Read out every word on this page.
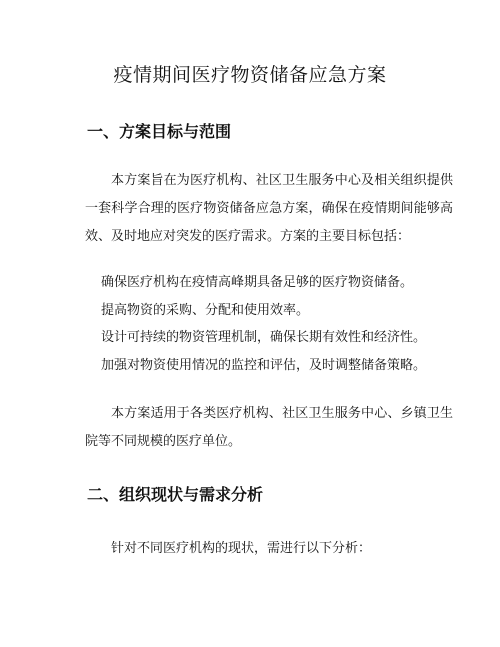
疫情期间医疗物资储备应急方案
一、方案目标与范围

本方案旨在为医疗机构、社区卫生服务中心及相关组织提供一套科学合理的医疗物资储备应急方案，确保在疫情期间能够高效、及时地应对突发的医疗需求。方案的主要目标包括：

确保医疗机构在疫情高峰期具备足够的医疗物资储备。
提高物资的采购、分配和使用效率。
设计可持续的物资管理机制，确保长期有效性和经济性。
加强对物资使用情况的监控和评估，及时调整储备策略。

本方案适用于各类医疗机构、社区卫生服务中心、乡镇卫生院等不同规模的医疗单位。

二、组织现状与需求分析

针对不同医疗机构的现状，需进行以下分析：
